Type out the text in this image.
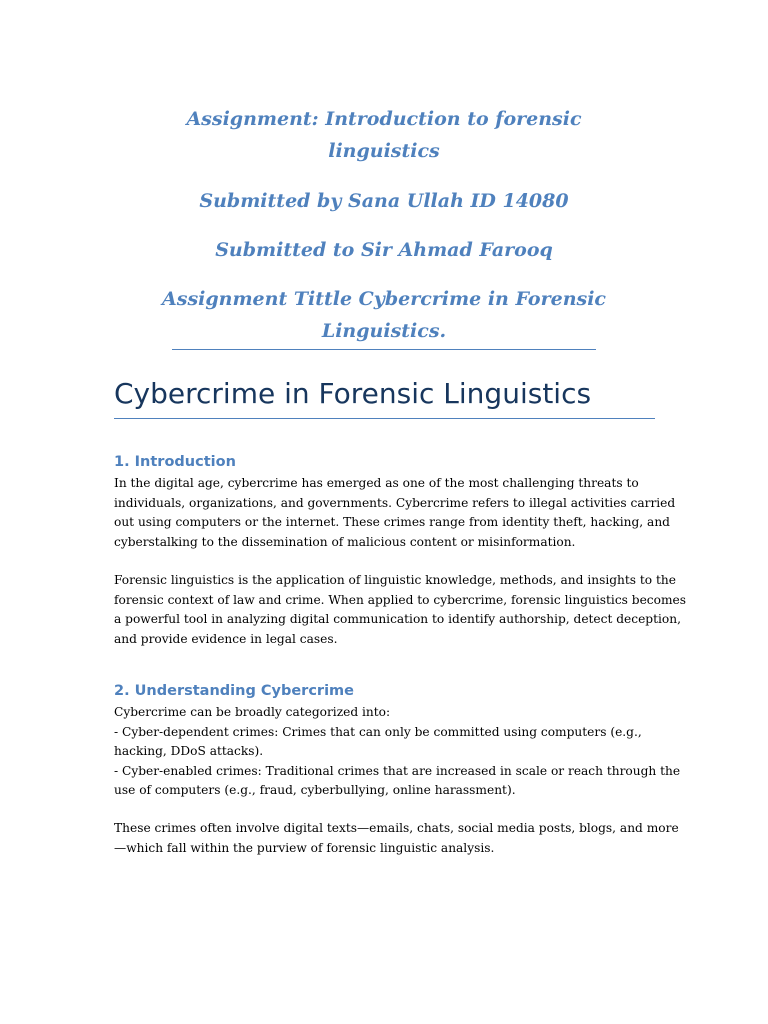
Assignment: Introduction to forensic
linguistics

Submitted by Sana Ullah ID 14080

Submitted to Sir Ahmad Farooq

Assignment Tittle Cybercrime in Forensic
Linguistics.

Cybercrime in Forensic Linguistics
1. Introduction

In the digital age, cybercrime has emerged as one of the most challenging threats to
individuals, organizations, and governments. Cybercrime refers to illegal activities carried
out using computers or the internet. These crimes range from identity theft, hacking, and
cyberstalking to the dissemination of malicious content or misinformation.

Forensic linguistics is the application of linguistic knowledge, methods, and insights to the
forensic context of law and crime. When applied to cybercrime, forensic linguistics becomes
a powerful tool in analyzing digital communication to identify authorship, detect deception,
and provide evidence in legal cases.

2. Understanding Cybercrime

Cybercrime can be broadly categorized into:
- Cyber-dependent crimes: Crimes that can only be committed using computers (e.g.,
hacking, DDoS attacks).
- Cyber-enabled crimes: Traditional crimes that are increased in scale or reach through the
use of computers (e.g., fraud, cyberbullying, online harassment).

These crimes often involve digital texts—emails, chats, social media posts, blogs, and more
—which fall within the purview of forensic linguistic analysis.
